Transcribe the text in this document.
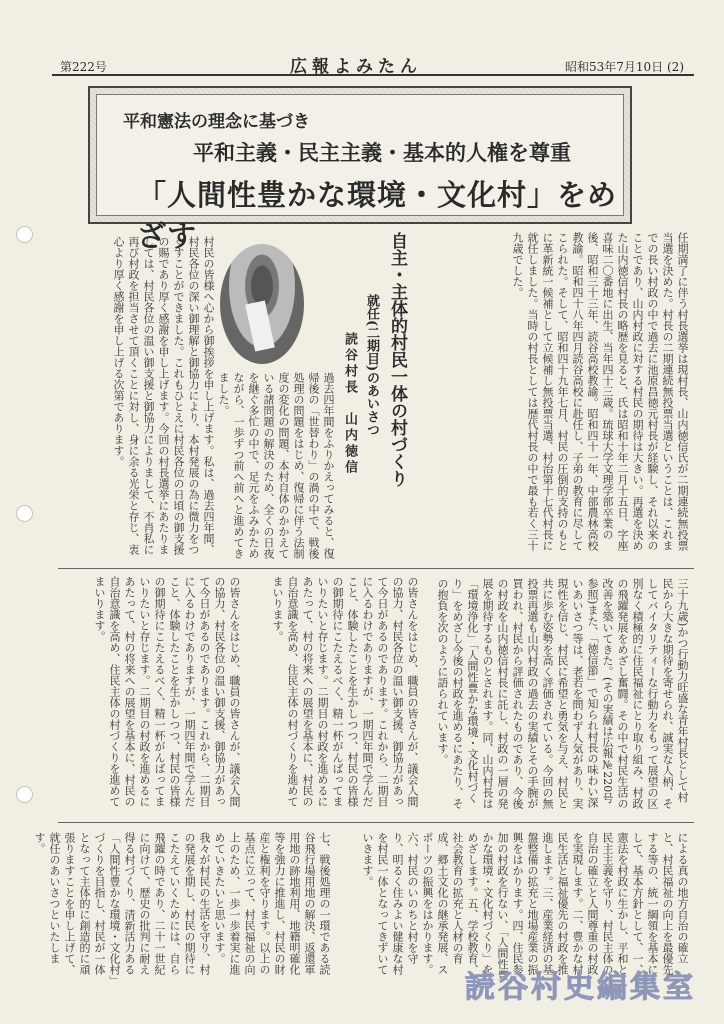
第222号	広報よみたん	昭和53年7月10日 (2)
平和憲法の理念に基づき
平和主義・民主主義・基本的人権を尊重
「人間性豊かな環境・文化村」をめざす	任期満了に伴う村長選挙は現村長、山内徳信氏が二期連続無投票当選を決めた。村長の二期連続無投票当選ということは、これまでの長い村政の中で過去に池原昌徳元村長が経験し、それ以来のことであり、山内村政に対する村民の期待は大きい。再選を決めた山内徳信村長の略歴を見ると、氏は昭和十年二月十五日、字座喜味二〇番地に出生、当年四十三歳。琉球大学文理学部卒業の後、昭和三十三年、読谷高校教諭。昭和四十一年、中部農林高校教諭。昭和四十八年四月読谷高校に赴任し、子弟の教育に尽してこられた。そして、昭和四十九年七月、村民の圧倒的支持のもとに革新統一候補として立候補し無投票当選、村治第十七代村長に就任しました。当時の村長としては歴代村長の中で最も若く三十九歳でした。
三十九歳)かつ行動力旺盛な青年村長として村民から大きな期待を寄せられ、誠実な人柄、そしてバイタリティーな行動力をもって展望の区別なく積極的に住民福祉にとり取り組み、村政の飛躍発展をめざし奮闘。その中で村民生活の改善を築いてきた。(その実績は広報№220号参照)また、「徳信節」で知られ村長の味わい深いあいさつ等は、老若を問わず人気があり、実現性を信じ、村民に希望と勇気を与え、村民と共に歩む姿勢を高く評価されている。今回の無投票再選も山内村政の過去の実績とその手腕が買われ、村民から評価されたものであり、今後の村政を山内徳信村長に託し、村政の一層の発展を期待するものとされます。同、山内村長は「環境浄化」「人間性豊かな環境・文化村づくり」をめざし今後の村政を進めるにあたり、その抱負を次のように語られています。
自主・主体的村民一体の村づくり
就任(二期目)のあいさつ
読谷村長　山内徳信
村民の皆様へ心から御挨拶を申し上げます。私は、過去四年間、村民各位の深い御理解と御協力により、本村発展の為に微力をつくすことができました。これもひとえに村民各位の日頃の御支援の賜であり厚く感謝を申し上げます。今回の村長選挙にあたりましては、村民各位の温い御支援と御協力によりまして、不肖私に再び村政を担当させて頂くことに対し、身に余る光栄と存じ、衷心より厚く感謝を申し上げる次第であります。	過去四年間をふりかえってみると、復帰後の「世替わり」の渦の中で、戦後処理の問題をはじめ、復帰に伴う法制度の変化の問題、本村自体のかかえている諸問題の解決のため、全くの日夜を継ぐ多忙の中で、足元をふみかためながら、一歩ずつ前へ前へと進めてきました。
の皆さんをはじめ、職員の皆さんが、議会人間の協力、村民各位の温い御支援、御協力があって今日があるのであります。これから、二期目に入るわけでありますが、一期四年間で学んだこと、体験したことを生かしつつ、村民の皆様の御期待にこたえるべく、精一杯がんばってまいりたいと存じます。二期目の村政を進めるにあたって、村の将来への展望を基本に、村民の自治意識を高め、住民主体の村づくりを進めてまいります。
の皆さんをはじめ、職員の皆さんが、議会人間の協力、村民各位の温い御支援、御協力があって今日があるのであります。これから、二期目に入るわけでありますが、一期四年間で学んだこと、体験したことを生かしつつ、村民の皆様の御期待にこたえるべく、精一杯がんばってまいりたいと存じます。二期目の村政を進めるにあたって、村の将来への展望を基本に、村民の自治意識を高め、住民主体の村づくりを進めてまいります。
による真の地方自治の確立と、村民福祉の向上を最優先する等の、統一綱領を基本にして、基本方針として、一、憲法を村政に生かし、平和と民主主義を守り、村民主体の自治の確立と人間尊重の村政を実現します。二、豊かな村民生活と福祉優先の村政を推進します。三、産業経済の基盤整備の拡充と地場産業の振興をはかります。四、住民参加の村政を行ない、「人間性豊かな環境・文化村づくり」をめざします。五、学校教育、社会教育の拡充と人材の育成、郷土文化の継承発展、スポーツの振興をはかります。六、村民のいのちと村を守り、明るく住みよい健康な村を村民一体となってきずいていきます。
七、戦後処理の一環である読谷飛行場用地の解決、返還軍用地の跡地利用、地籍明確化等を強力に推進し、村民の財産と権利を守ります。以上の基点に立って、村民福祉の向上のため、一歩一歩着実に進めていきたいと思います。我々が村民の生活を守り、村の発展を期し、村民の期待にこたえていくためには、自ら飛躍の時であり、二十一世紀に向けて、歴史の批判に耐え得る村づくり、清新活力ある「人間性豊かな環境・文化村」づくりを目指し、村民が一体となって主体的に創造的に頑張りますことを申し上げて、就任のあいさつといたします。
読谷村史編集室
